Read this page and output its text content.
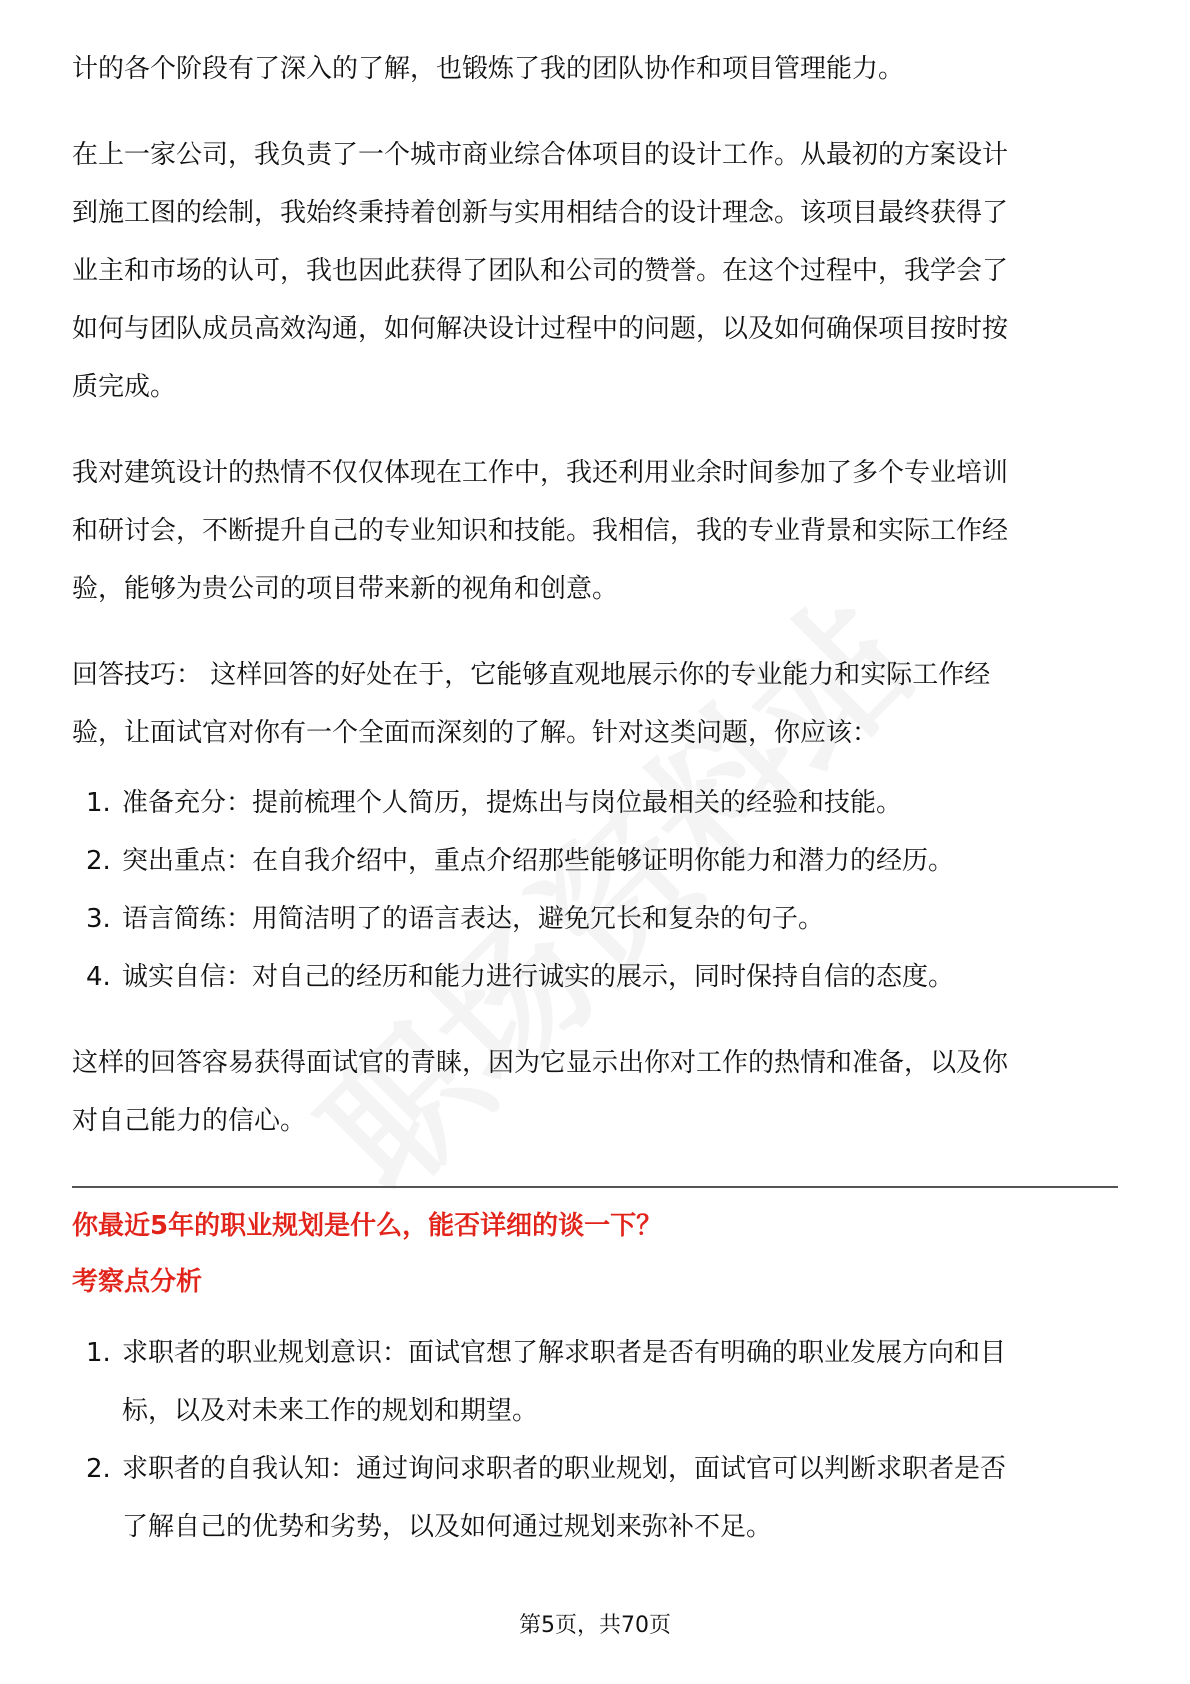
计的各个阶段有了深入的了解，也锻炼了我的团队协作和项目管理能力。

在上一家公司，我负责了一个城市商业综合体项目的设计工作。从最初的方案设计

到施工图的绘制，我始终秉持着创新与实用相结合的设计理念。该项目最终获得了

业主和市场的认可，我也因此获得了团队和公司的赞誉。在这个过程中，我学会了

如何与团队成员高效沟通，如何解决设计过程中的问题，以及如何确保项目按时按

质完成。

我对建筑设计的热情不仅仅体现在工作中，我还利用业余时间参加了多个专业培训

和研讨会，不断提升自己的专业知识和技能。我相信，我的专业背景和实际工作经

验，能够为贵公司的项目带来新的视角和创意。

回答技巧： 这样回答的好处在于，它能够直观地展示你的专业能力和实际工作经

验，让面试官对你有一个全面而深刻的了解。针对这类问题，你应该：

1. 准备充分：提前梳理个人简历，提炼出与岗位最相关的经验和技能。
2. 突出重点：在自我介绍中，重点介绍那些能够证明你能力和潜力的经历。
3. 语言简练：用简洁明了的语言表达，避免冗长和复杂的句子。
4. 诚实自信：对自己的经历和能力进行诚实的展示，同时保持自信的态度。

这样的回答容易获得面试官的青睐，因为它显示出你对工作的热情和准备，以及你

对自己能力的信心。

你最近5年的职业规划是什么，能否详细的谈一下？

考察点分析

1. 求职者的职业规划意识：面试官想了解求职者是否有明确的职业发展方向和目
标，以及对未来工作的规划和期望。
2. 求职者的自我认知：通过询问求职者的职业规划，面试官可以判断求职者是否
了解自己的优势和劣势，以及如何通过规划来弥补不足。
第5页，共70页
